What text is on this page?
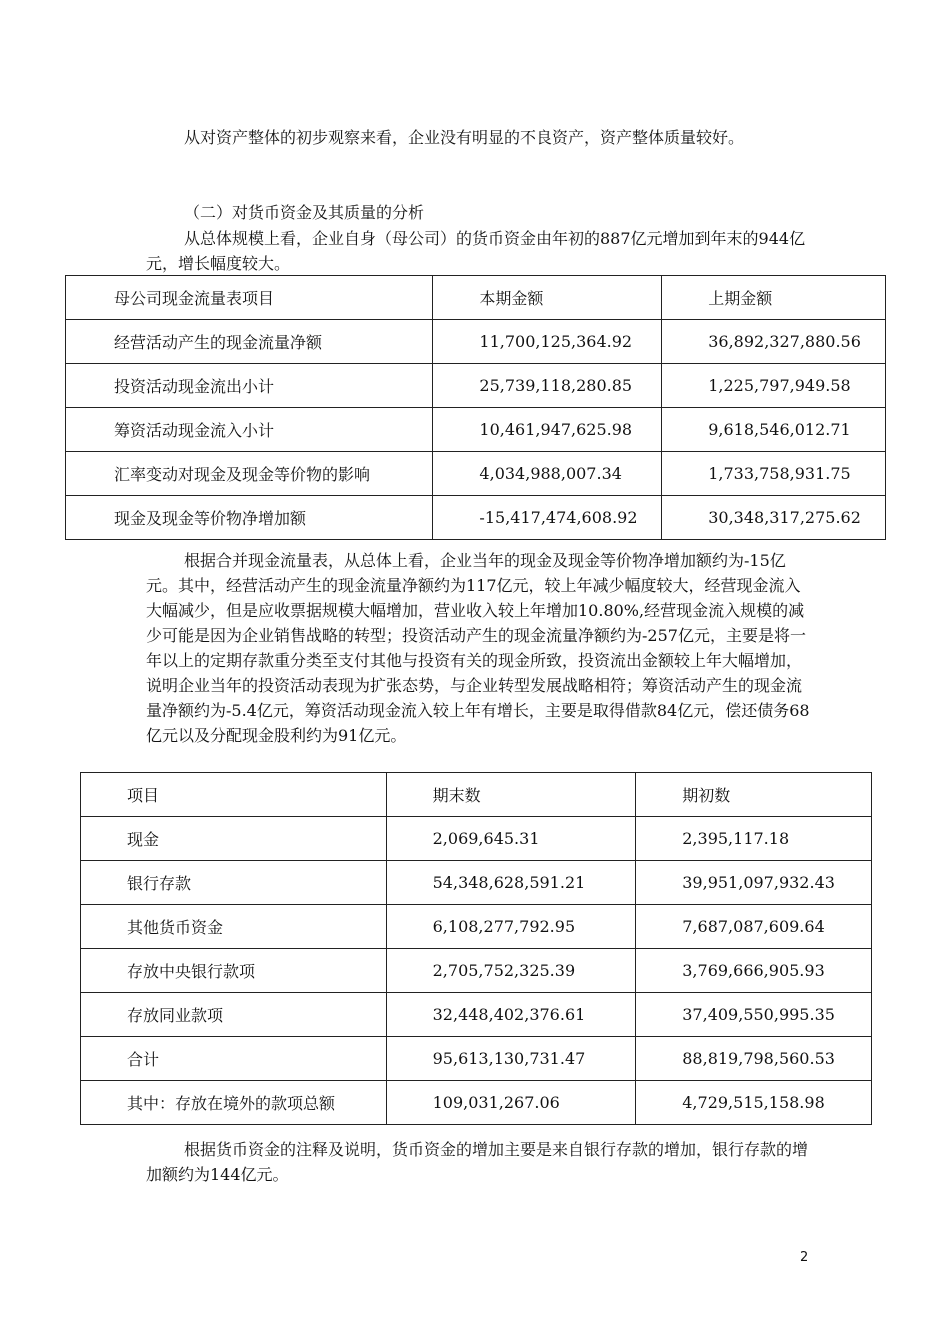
从对资产整体的初步观察来看，企业没有明显的不良资产，资产整体质量较好。

（二）对货币资金及其质量的分析

从总体规模上看，企业自身（母公司）的货币资金由年初的887亿元增加到年末的944亿元，增长幅度较大。

母公司现金流量表项目	本期金额	上期金额
经营活动产生的现金流量净额	11,700,125,364.92	36,892,327,880.56
投资活动现金流出小计	25,739,118,280.85	1,225,797,949.58
筹资活动现金流入小计	10,461,947,625.98	9,618,546,012.71
汇率变动对现金及现金等价物的影响	4,034,988,007.34	1,733,758,931.75
现金及现金等价物净增加额	-15,417,474,608.92	30,348,317,275.62

根据合并现金流量表，从总体上看，企业当年的现金及现金等价物净增加额约为-15亿元。其中，经营活动产生的现金流量净额约为117亿元，较上年减少幅度较大，经营现金流入大幅减少，但是应收票据规模大幅增加，营业收入较上年增加10.80%,经营现金流入规模的减少可能是因为企业销售战略的转型；投资活动产生的现金流量净额约为-257亿元，主要是将一年以上的定期存款重分类至支付其他与投资有关的现金所致，投资流出金额较上年大幅增加，说明企业当年的投资活动表现为扩张态势，与企业转型发展战略相符；筹资活动产生的现金流量净额约为-5.4亿元，筹资活动现金流入较上年有增长，主要是取得借款84亿元，偿还债务68亿元以及分配现金股利约为91亿元。

项目	期末数	期初数
现金	2,069,645.31	2,395,117.18
银行存款	54,348,628,591.21	39,951,097,932.43
其他货币资金	6,108,277,792.95	7,687,087,609.64
存放中央银行款项	2,705,752,325.39	3,769,666,905.93
存放同业款项	32,448,402,376.61	37,409,550,995.35
合计	95,613,130,731.47	88,819,798,560.53
其中：存放在境外的款项总额	109,031,267.06	4,729,515,158.98

根据货币资金的注释及说明，货币资金的增加主要是来自银行存款的增加，银行存款的增加额约为144亿元。

2
